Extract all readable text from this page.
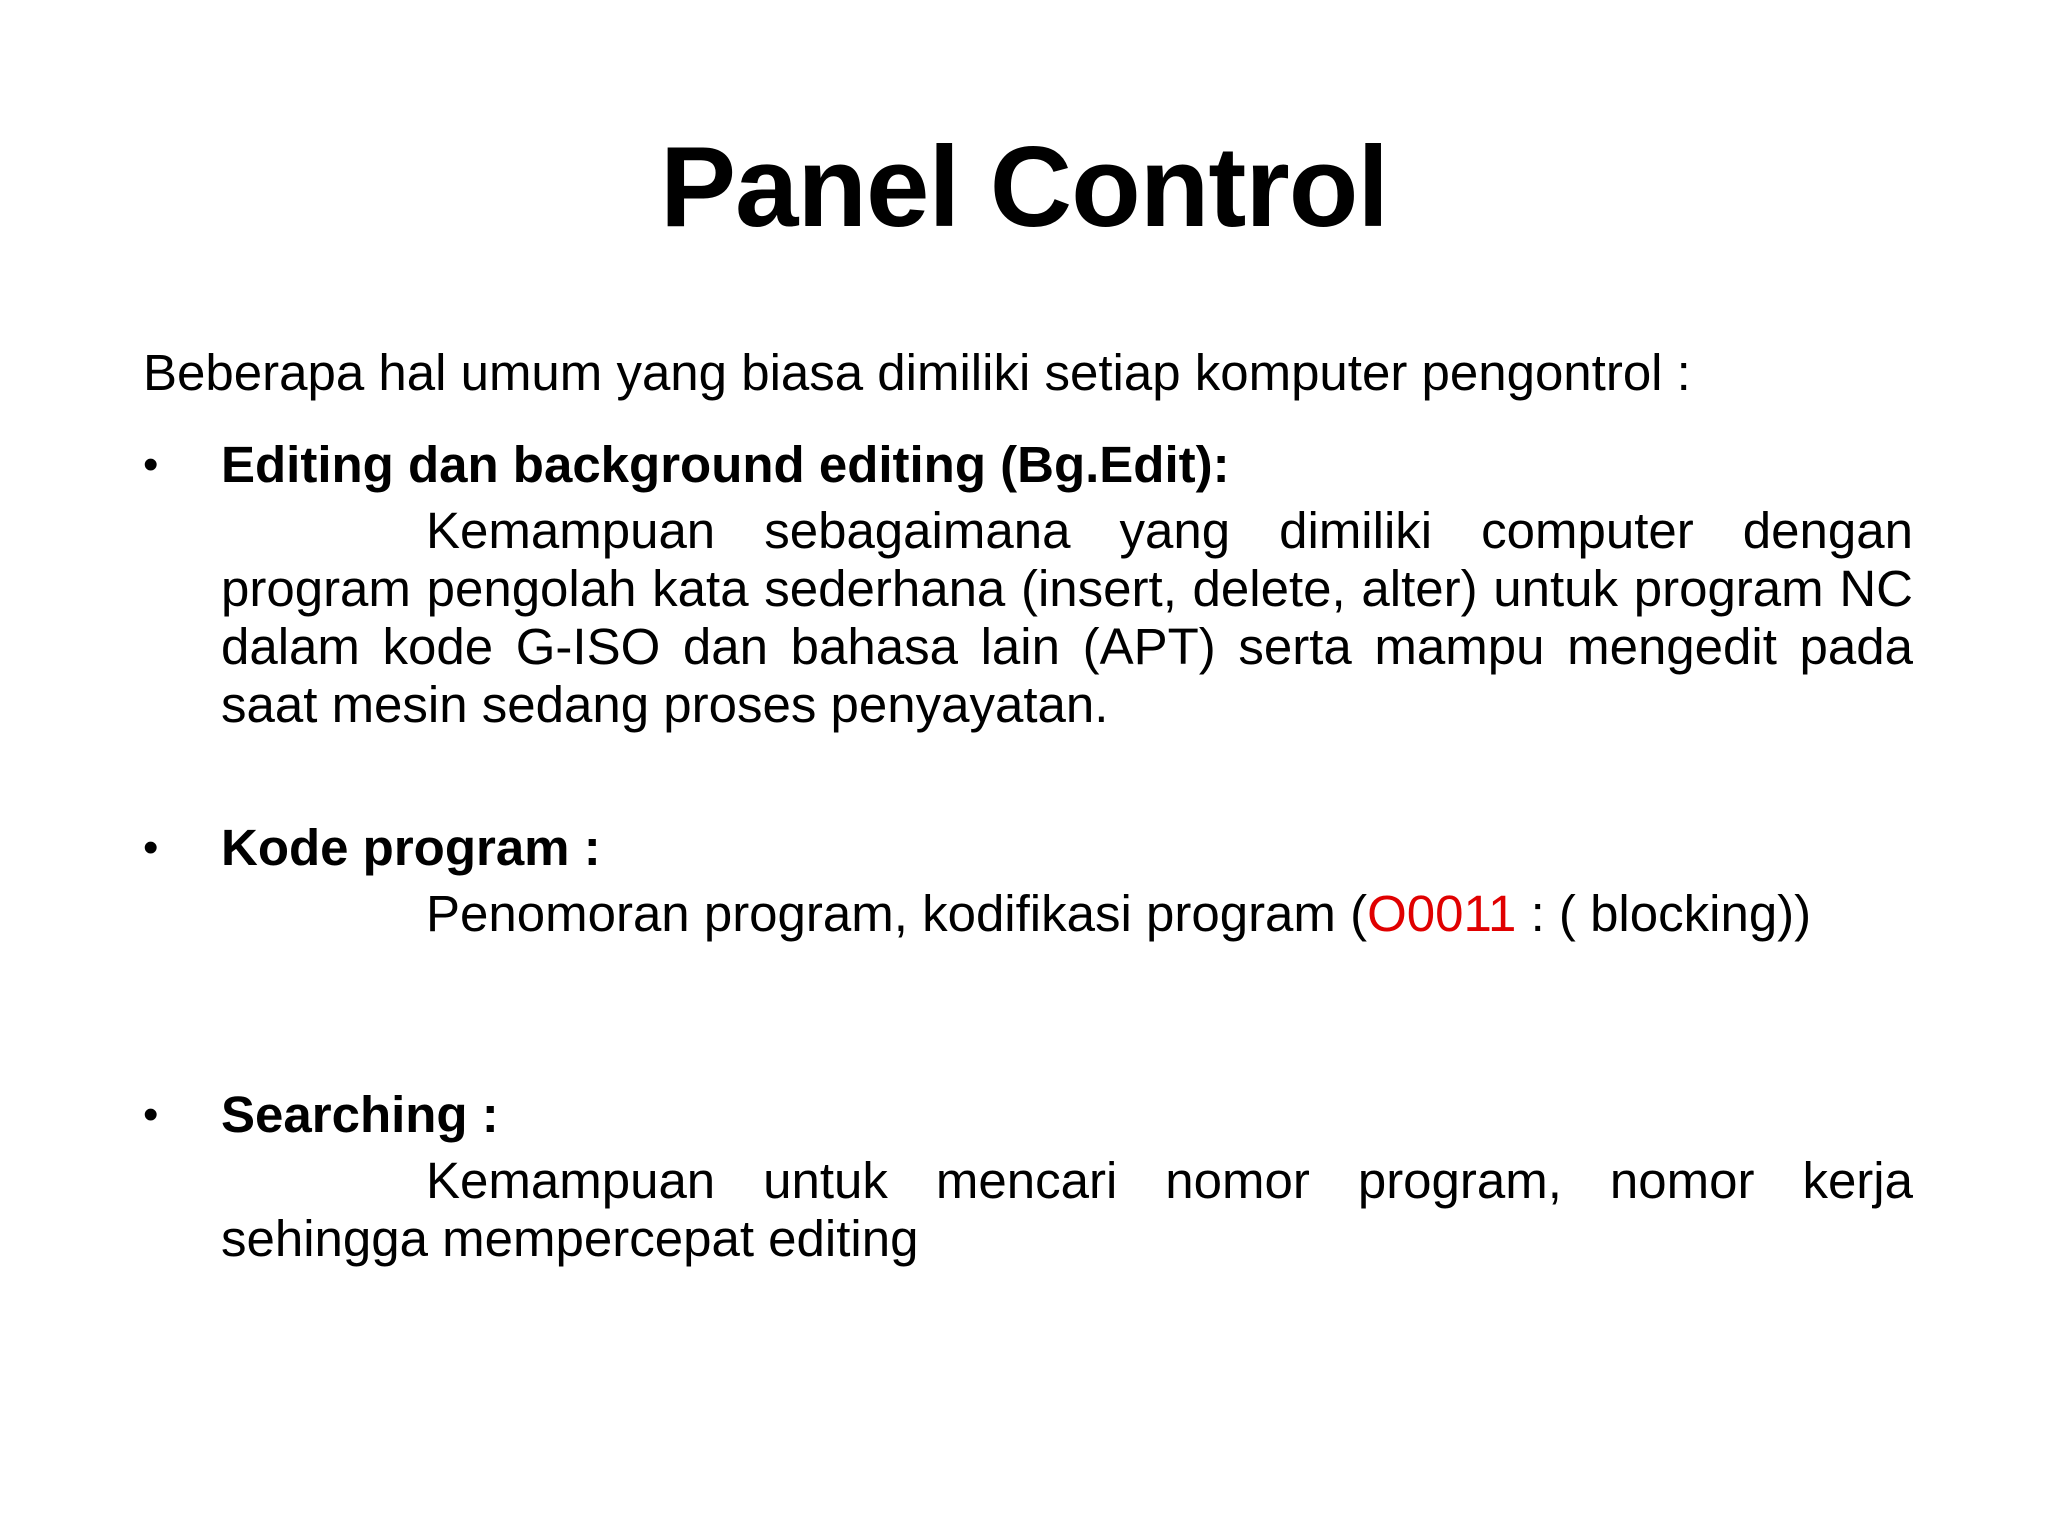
Panel Control
Beberapa hal umum yang biasa dimiliki setiap komputer pengontrol :
• Editing dan background editing (Bg.Edit):
Kemampuan sebagaimana yang dimiliki computer dengan program pengolah kata sederhana (insert, delete, alter) untuk program NC dalam kode G-ISO dan bahasa lain (APT) serta mampu mengedit pada saat mesin sedang proses penyayatan.
• Kode program :
Penomoran program, kodifikasi program (O0011 : ( blocking))
• Searching :
Kemampuan untuk mencari nomor program, nomor kerja sehingga mempercepat editing
